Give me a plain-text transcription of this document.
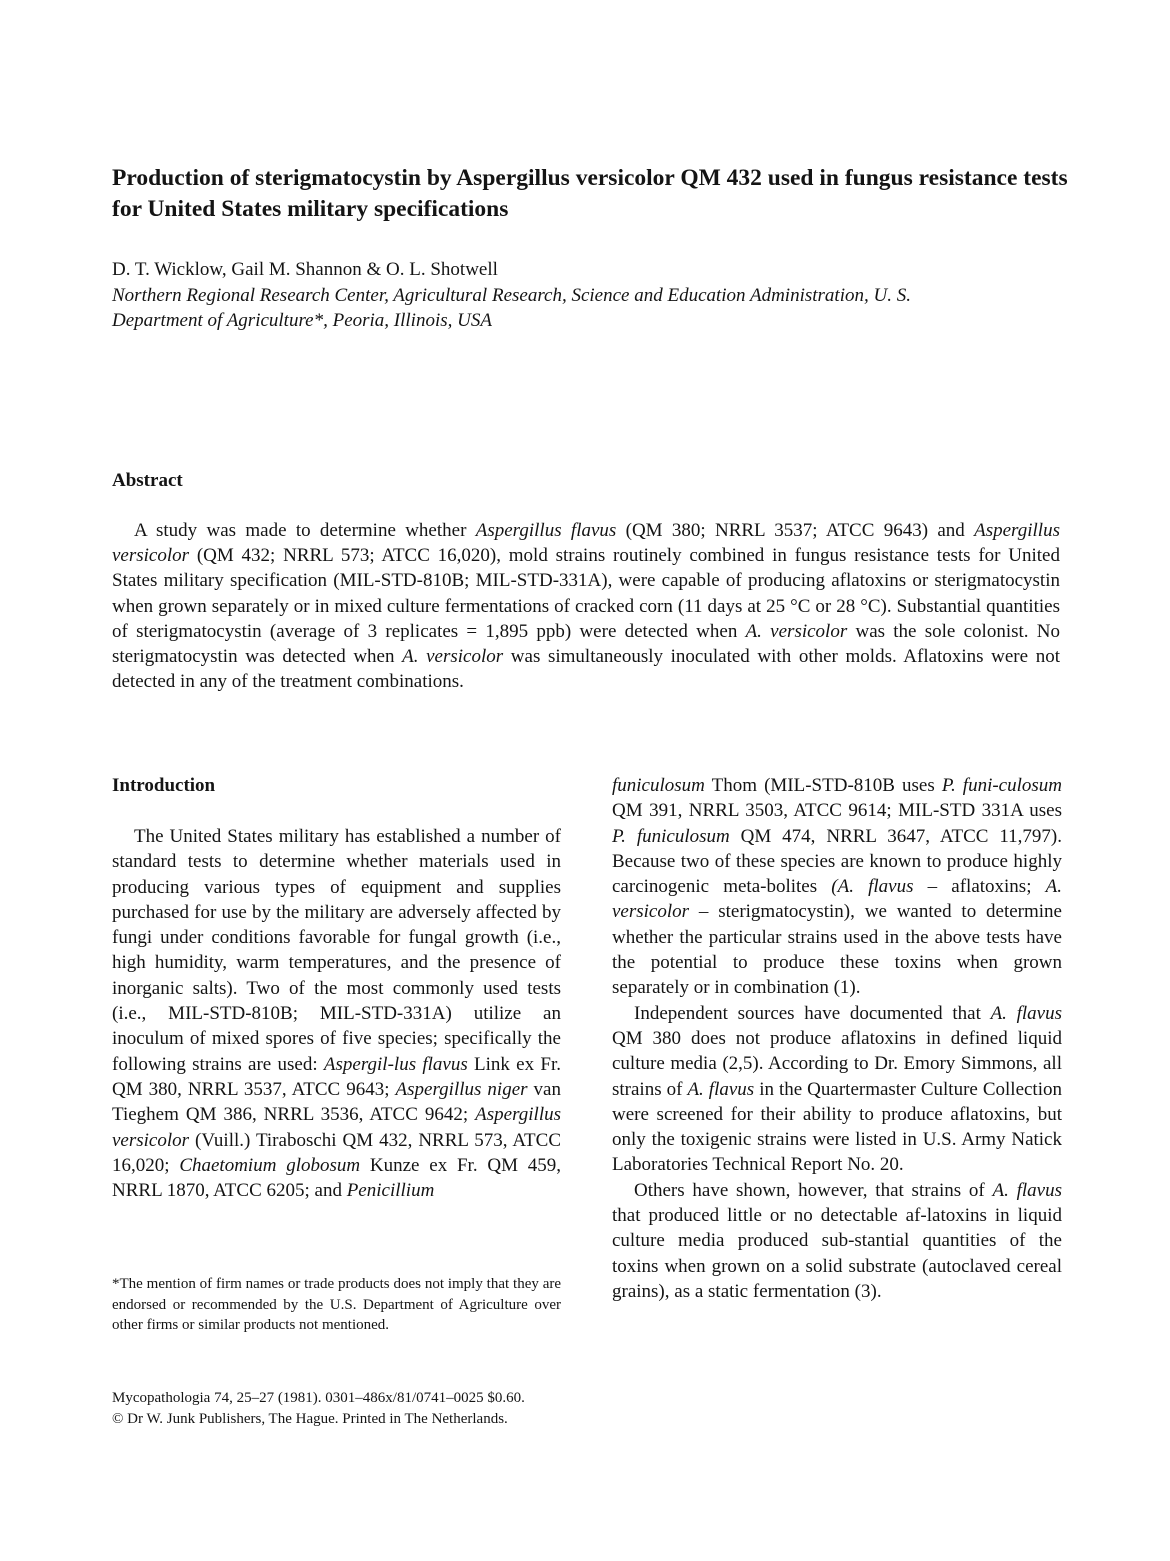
Production of sterigmatocystin by Aspergillus versicolor QM 432 used in fungus resistance tests for United States military specifications
D. T. Wicklow, Gail M. Shannon & O. L. Shotwell
Northern Regional Research Center, Agricultural Research, Science and Education Administration, U. S.
Department of Agriculture*, Peoria, Illinois, USA
Abstract

A study was made to determine whether Aspergillus flavus (QM 380; NRRL 3537; ATCC 9643) and Aspergillus versicolor (QM 432; NRRL 573; ATCC 16,020), mold strains routinely combined in fungus resistance tests for United States military specification (MIL-STD-810B; MIL-STD-331A), were capable of producing aflatoxins or sterigmatocystin when grown separately or in mixed culture fermentations of cracked corn (11 days at 25 °C or 28 °C). Substantial quantities of sterigmatocystin (average of 3 replicates = 1,895 ppb) were detected when A. versicolor was the sole colonist. No sterigmatocystin was detected when A. versicolor was simultaneously inoculated with other molds. Aflatoxins were not detected in any of the treatment combinations.

Introduction

The United States military has established a number of standard tests to determine whether materials used in producing various types of equipment and supplies purchased for use by the military are adversely affected by fungi under conditions favorable for fungal growth (i.e., high humidity, warm temperatures, and the presence of inorganic salts). Two of the most commonly used tests (i.e., MIL-STD-810B; MIL-STD-331A) utilize an inoculum of mixed spores of five species; specifically the following strains are used: Aspergil-lus flavus Link ex Fr. QM 380, NRRL 3537, ATCC 9643; Aspergillus niger van Tieghem QM 386, NRRL 3536, ATCC 9642; Aspergillus versicolor (Vuill.) Tiraboschi QM 432, NRRL 573, ATCC 16,020; Chaetomium globosum Kunze ex Fr. QM 459, NRRL 1870, ATCC 6205; and Penicillium

*The mention of firm names or trade products does not imply that they are endorsed or recommended by the U.S. Department of Agriculture over other firms or similar products not mentioned.

Mycopathologia 74, 25–27 (1981). 0301–486x/81/0741–0025 $0.60.
© Dr W. Junk Publishers, The Hague. Printed in The Netherlands.

funiculosum Thom (MIL-STD-810B uses P. funi-culosum QM 391, NRRL 3503, ATCC 9614; MIL-STD 331A uses P. funiculosum QM 474, NRRL 3647, ATCC 11,797). Because two of these species are known to produce highly carcinogenic meta-bolites (A. flavus – aflatoxins; A. versicolor – sterigmatocystin), we wanted to determine whether the particular strains used in the above tests have the potential to produce these toxins when grown separately or in combination (1).

Independent sources have documented that A. flavus QM 380 does not produce aflatoxins in defined liquid culture media (2,5). According to Dr. Emory Simmons, all strains of A. flavus in the Quartermaster Culture Collection were screened for their ability to produce aflatoxins, but only the toxigenic strains were listed in U.S. Army Natick Laboratories Technical Report No. 20.

Others have shown, however, that strains of A. flavus that produced little or no detectable af-latoxins in liquid culture media produced sub-stantial quantities of the toxins when grown on a solid substrate (autoclaved cereal grains), as a static fermentation (3).
